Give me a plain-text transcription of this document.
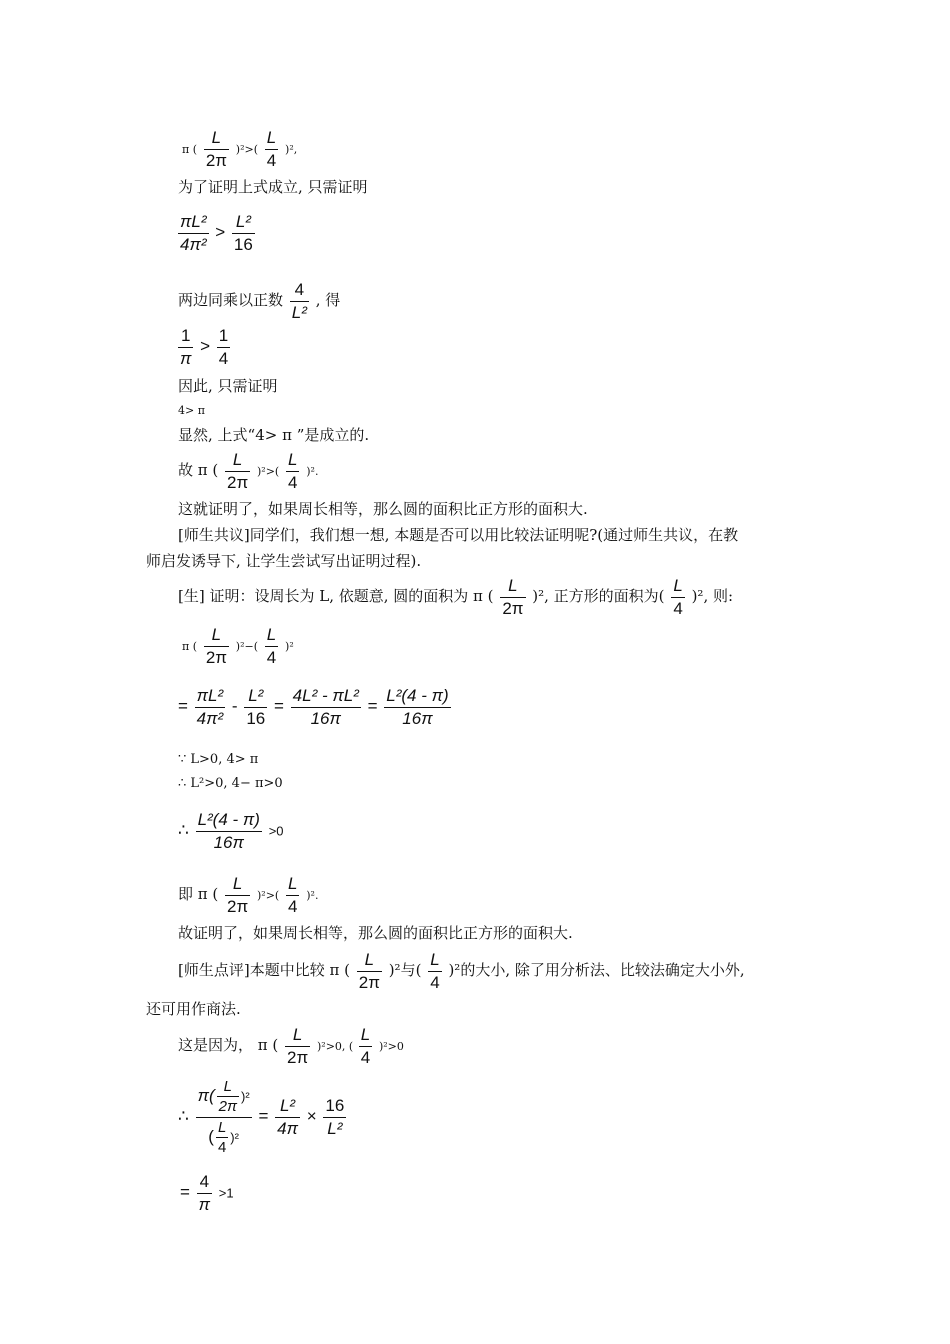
π ( $\frac{L}{2\pi} )^2>( \frac{L}{4} )^2$,
为了证明上式成立, 只需证明
$\frac{\text{πL²}}{\text{4π²}} > \frac{\text{L²}}{16}$
两边同乘以正数 $\frac{4}{\text{L²}}$ , 得
$\frac{1}{\pi} > \frac{1}{4}$
因此, 只需证明
4> π
显然, 上式“4> π ”是成立的.
故 π ( $\frac{L}{2\pi} )^2>( \frac{L}{4} )^2$.
这就证明了，如果周长相等，那么圆的面积比正方形的面积大.
[师生共议]同学们，我们想一想, 本题是否可以用比较法证明呢?(通过师生共议，在教
师启发诱导下, 让学生尝试写出证明过程).
[生] 证明：设周长为 L, 依题意, 圆的面积为 π ( $\frac{L}{2\pi} )^2$, 正方形的面积为( $\frac{L}{4} )^2$, 则:
π ( $\frac{L}{2\pi} )^2-( \frac{L}{4} )^2$
= $\frac{\text{πL²}}{\text{4π²}} - \frac{\text{L²}}{16} = \frac{\text{4L² - πL²}}{16\pi} = \frac{\text{L²(4 - π)}}{16\pi}$
∵ L>0, 4> π
∴ L²>0, 4− π>0
∴ $\frac{\text{L²(4 - π)}}{16\pi} >0$
即 π ( $\frac{L}{2\pi} )^2>( \frac{L}{4} )^2$.
故证明了，如果周长相等，那么圆的面积比正方形的面积大.
[师生点评]本题中比较 π ( $\frac{L}{2\pi} )^2$与( $\frac{L}{4} )^2$的大小, 除了用分析法、比较法确定大小外,
还可用作商法.
这是因为， π ( $\frac{L}{2\pi} )^2>0$, ( $\frac{L}{4} )^2>0$
∴ $\frac{\pi( \frac{L}{2\pi} )^2}{( \frac{L}{4} )^2} = \frac{\text{L²}}{4\pi} \times \frac{16}{\text{L²}}$
= $\frac{4}{\pi} >1$
